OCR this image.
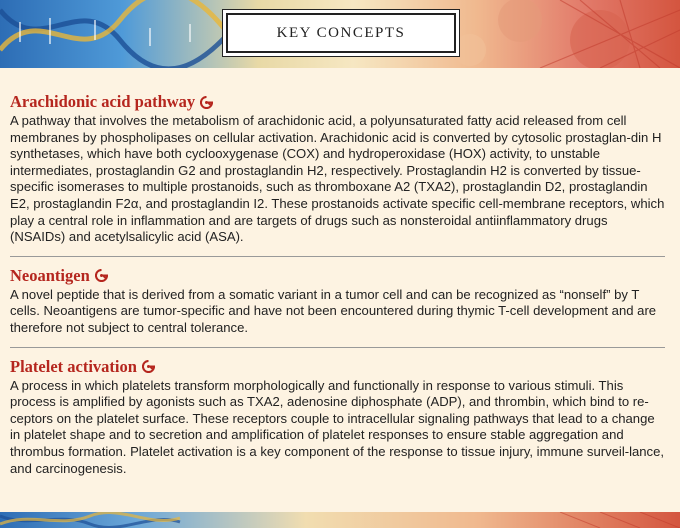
KEY CONCEPTS
Arachidonic acid pathway

A pathway that involves the metabolism of arachidonic acid, a polyunsaturated fatty acid released from cell membranes by phospholipases on cellular activation. Arachidonic acid is converted by cytosolic prostaglan-din H synthetases, which have both cyclooxygenase (COX) and hydroperoxidase (HOX) activity, to unstable intermediates, prostaglandin G2 and prostaglandin H2, respectively. Prostaglandin H2 is converted by tissue-specific isomerases to multiple prostanoids, such as thromboxane A2 (TXA2), prostaglandin D2, prostaglandin E2, prostaglandin F2α, and prostaglandin I2. These prostanoids activate specific cell-membrane receptors, which play a central role in inflammation and are targets of drugs such as nonsteroidal antiinflammatory drugs (NSAIDs) and acetylsalicylic acid (ASA).

Neoantigen

A novel peptide that is derived from a somatic variant in a tumor cell and can be recognized as “nonself” by T cells. Neoantigens are tumor-specific and have not been encountered during thymic T-cell development and are therefore not subject to central tolerance.

Platelet activation

A process in which platelets transform morphologically and functionally in response to various stimuli. This process is amplified by agonists such as TXA2, adenosine diphosphate (ADP), and thrombin, which bind to re-ceptors on the platelet surface. These receptors couple to intracellular signaling pathways that lead to a change in platelet shape and to secretion and amplification of platelet responses to ensure stable aggregation and thrombus formation. Platelet activation is a key component of the response to tissue injury, immune surveil-lance, and carcinogenesis.
